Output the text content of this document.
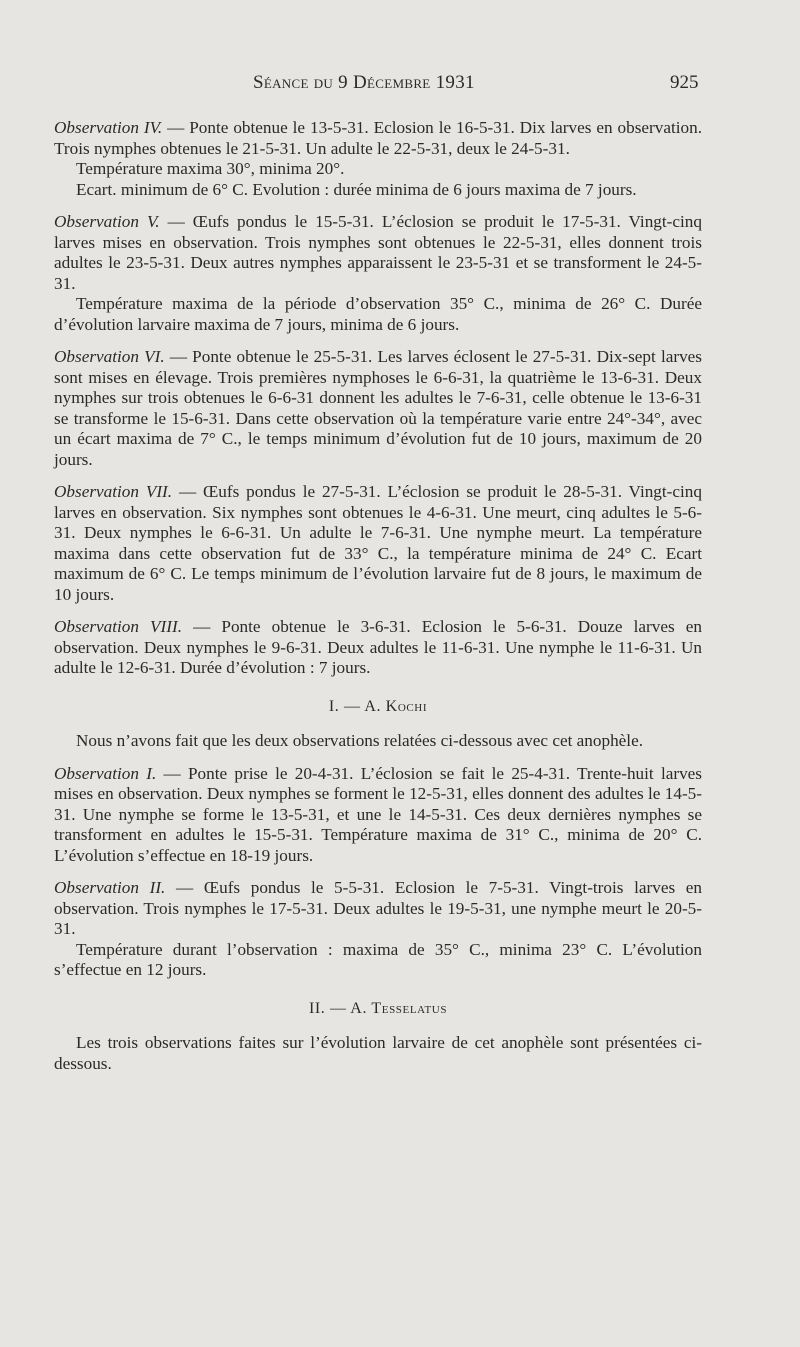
Séance du 9 Décembre 1931	925

Observation IV. — Ponte obtenue le 13-5-31. Eclosion le 16-5-31. Dix larves en observation. Trois nymphes obtenues le 21-5-31. Un adulte le 22-5-31, deux le 24-5-31.

Température maxima 30°, minima 20°.

Ecart. minimum de 6° C. Evolution : durée minima de 6 jours maxima de 7 jours.

Observation V. — Œufs pondus le 15-5-31. L’éclosion se produit le 17-5-31. Vingt-cinq larves mises en observation. Trois nymphes sont obtenues le 22-5-31, elles donnent trois adultes le 23-5-31. Deux autres nymphes apparaissent le 23-5-31 et se transforment le 24-5-31.

Température maxima de la période d’observation 35° C., minima de 26° C. Durée d’évolution larvaire maxima de 7 jours, minima de 6 jours.

Observation VI. — Ponte obtenue le 25-5-31. Les larves éclosent le 27-5-31. Dix-sept larves sont mises en élevage. Trois premières nymphoses le 6-6-31, la quatrième le 13-6-31. Deux nymphes sur trois obtenues le 6-6-31 donnent les adultes le 7-6-31, celle obtenue le 13-6-31 se transforme le 15-6-31. Dans cette observation où la température varie entre 24°-34°, avec un écart maxima de 7° C., le temps minimum d’évolution fut de 10 jours, maximum de 20 jours.

Observation VII. — Œufs pondus le 27-5-31. L’éclosion se produit le 28-5-31. Vingt-cinq larves en observation. Six nymphes sont obtenues le 4-6-31. Une meurt, cinq adultes le 5-6-31. Deux nymphes le 6-6-31. Un adulte le 7-6-31. Une nymphe meurt. La température maxima dans cette observation fut de 33° C., la température minima de 24° C. Ecart maximum de 6° C. Le temps minimum de l’évolution larvaire fut de 8 jours, le maximum de 10 jours.

Observation VIII. — Ponte obtenue le 3-6-31. Eclosion le 5-6-31. Douze larves en observation. Deux nymphes le 9-6-31. Deux adultes le 11-6-31. Une nymphe le 11-6-31. Un adulte le 12-6-31. Durée d’évolution : 7 jours.

I. — A. Kochi

Nous n’avons fait que les deux observations relatées ci-dessous avec cet anophèle.

Observation I. — Ponte prise le 20-4-31. L’éclosion se fait le 25-4-31. Trente-huit larves mises en observation. Deux nymphes se forment le 12-5-31, elles donnent des adultes le 14-5-31. Une nymphe se forme le 13-5-31, et une le 14-5-31. Ces deux dernières nymphes se transforment en adultes le 15-5-31. Température maxima de 31° C., minima de 20° C. L’évolution s’effectue en 18-19 jours.

Observation II. — Œufs pondus le 5-5-31. Eclosion le 7-5-31. Vingt-trois larves en observation. Trois nymphes le 17-5-31. Deux adultes le 19-5-31, une nymphe meurt le 20-5-31.

Température durant l’observation : maxima de 35° C., minima 23° C. L’évolution s’effectue en 12 jours.

II. — A. Tesselatus

Les trois observations faites sur l’évolution larvaire de cet anophèle sont présentées ci-dessous.
